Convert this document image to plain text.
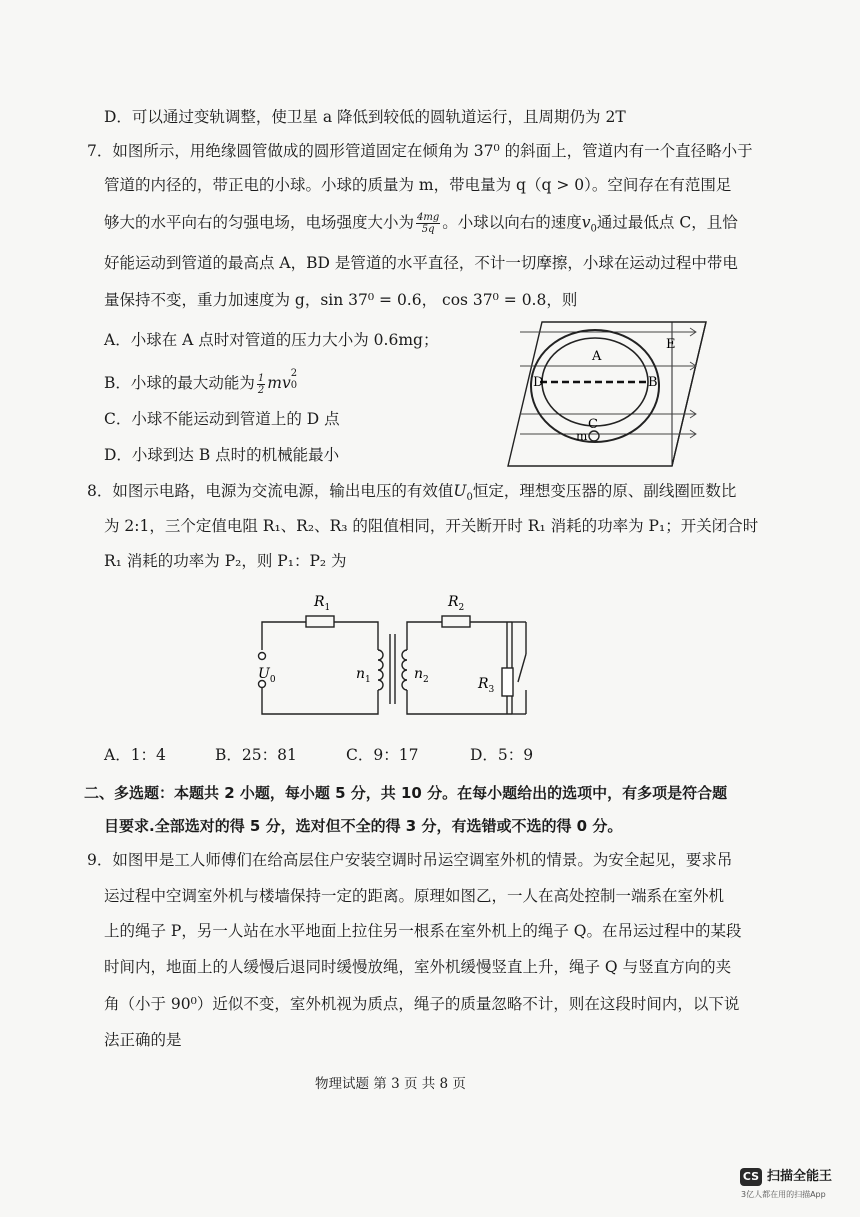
D．可以通过变轨调整，使卫星 a 降低到较低的圆轨道运行，且周期仍为 2T
7．如图所示，用绝缘圆管做成的圆形管道固定在倾角为 37⁰ 的斜面上，管道内有一个直径略小于
管道的内径的，带正电的小球。小球的质量为 m，带电量为 q（q > 0）。空间存在有范围足
够大的水平向右的匀强电场，电场强度大小为 $\frac{4mg}{5q}$ 。小球以向右的速度$v_0$通过最低点 C，且恰
好能运动到管道的最高点 A，BD 是管道的水平直径，不计一切摩擦，小球在运动过程中带电
量保持不变，重力加速度为 g，sin 37⁰ = 0.6， cos 37⁰ = 0.8，则
A．小球在 A 点时对管道的压力大小为 0.6mg；
B．小球的最大动能为 $\frac{1}{2}$ mv
2
0
C．小球不能运动到管道上的 D 点
D．小球到达 B 点时的机械能最小
A
B
D
C
m
E
8．如图示电路，电源为交流电源，输出电压的有效值$U_0$恒定，理想变压器的原、副线圈匝数比
为 2:1，三个定值电阻 R₁、R₂、R₃ 的阻值相同，开关断开时 R₁ 消耗的功率为 P₁；开关闭合时
R₁ 消耗的功率为 P₂，则 P₁：P₂ 为
$R_1$	$R_2$
$R_3$
$U_0$	$n_1$	$n_2$
A．1：4	B．25：81	C．9：17	D．5：9
二、多选题：本题共 2 小题，每小题 5 分，共 10 分。在每小题给出的选项中，有多项是符合题
目要求.全部选对的得 5 分，选对但不全的得 3 分，有选错或不选的得 0 分。
9．如图甲是工人师傅们在给高层住户安装空调时吊运空调室外机的情景。为安全起见，要求吊
运过程中空调室外机与楼墙保持一定的距离。原理如图乙，一人在高处控制一端系在室外机
上的绳子 P，另一人站在水平地面上拉住另一根系在室外机上的绳子 Q。在吊运过程中的某段
时间内，地面上的人缓慢后退同时缓慢放绳，室外机缓慢竖直上升，绳子 Q 与竖直方向的夹
角（小于 90⁰）近似不变，室外机视为质点，绳子的质量忽略不计，则在这段时间内，以下说
法正确的是
物理试题 第 3 页 共 8 页
CS 扫描全能王
3亿人都在用的扫描App
